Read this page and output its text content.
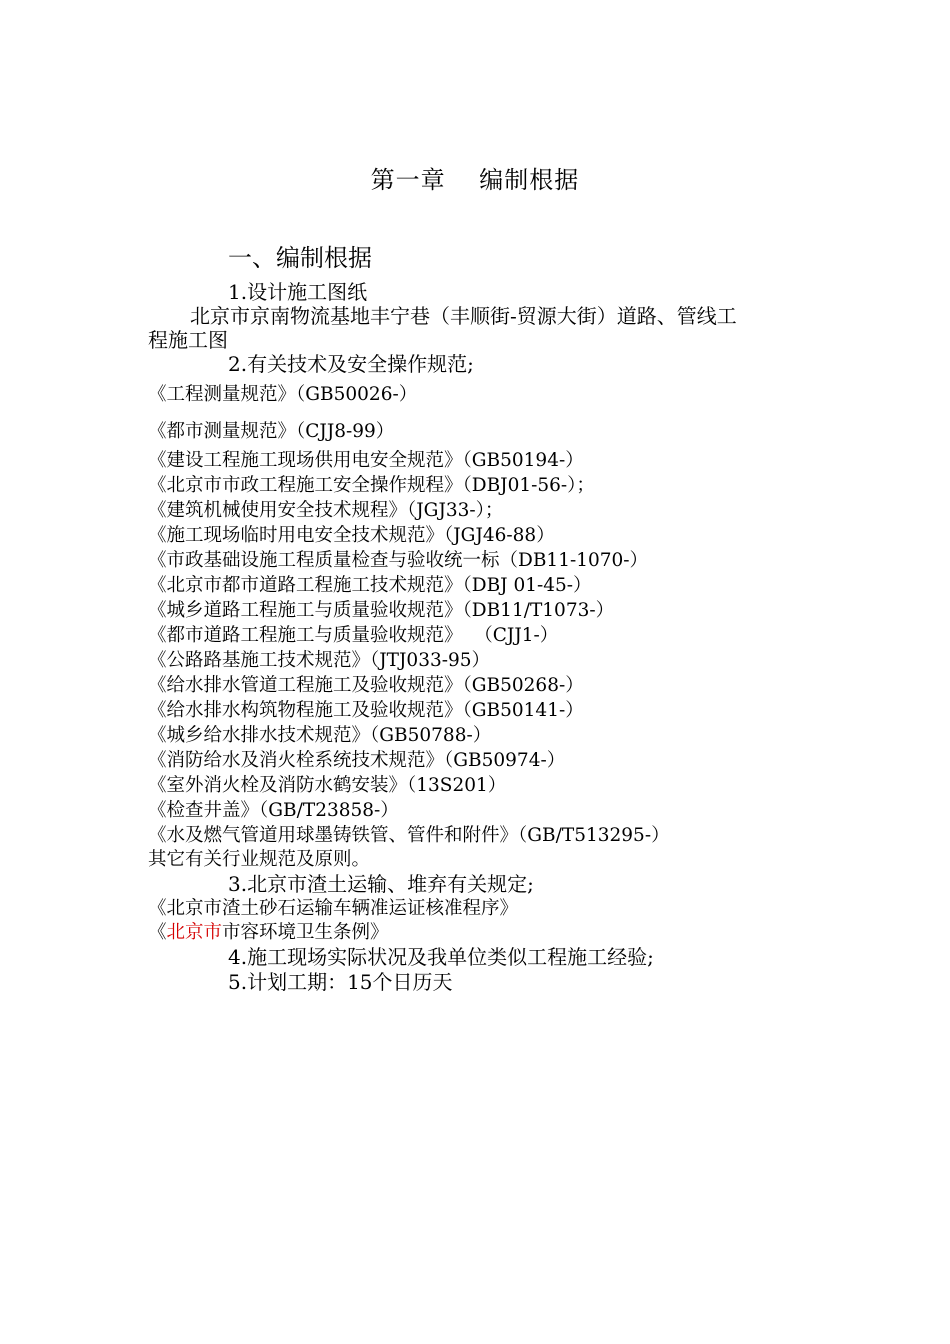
第一章　 编制根据
一、编制根据
1.设计施工图纸
北京市京南物流基地丰宁巷（丰顺街-贸源大街）道路、管线工
程施工图
2.有关技术及安全操作规范;
《工程测量规范》（GB50026-）
《都市测量规范》（CJJ8-99）
《建设工程施工现场供用电安全规范》（GB50194-）
《北京市市政工程施工安全操作规程》（DBJ01-56-）；
《建筑机械使用安全技术规程》（JGJ33-）；
《施工现场临时用电安全技术规范》（JGJ46-88）
《市政基础设施工程质量检查与验收统一标（DB11-1070-）
《北京市都市道路工程施工技术规范》（DBJ 01-45-）
《城乡道路工程施工与质量验收规范》（DB11/T1073-）
《都市道路工程施工与质量验收规范》  （CJJ1-）
《公路路基施工技术规范》（JTJ033-95）
《给水排水管道工程施工及验收规范》（GB50268-）
《给水排水构筑物程施工及验收规范》（GB50141-）
《城乡给水排水技术规范》（GB50788-）
《消防给水及消火栓系统技术规范》（GB50974-）
《室外消火栓及消防水鹤安装》（13S201）
《检查井盖》（GB/T23858-）
《水及燃气管道用球墨铸铁管、管件和附件》（GB/T513295-）
其它有关行业规范及原则。
3.北京市渣土运输、堆弃有关规定;
《北京市渣土砂石运输车辆准运证核准程序》
《北京市市容环境卫生条例》
4.施工现场实际状况及我单位类似工程施工经验;
5.计划工期：15个日历天
